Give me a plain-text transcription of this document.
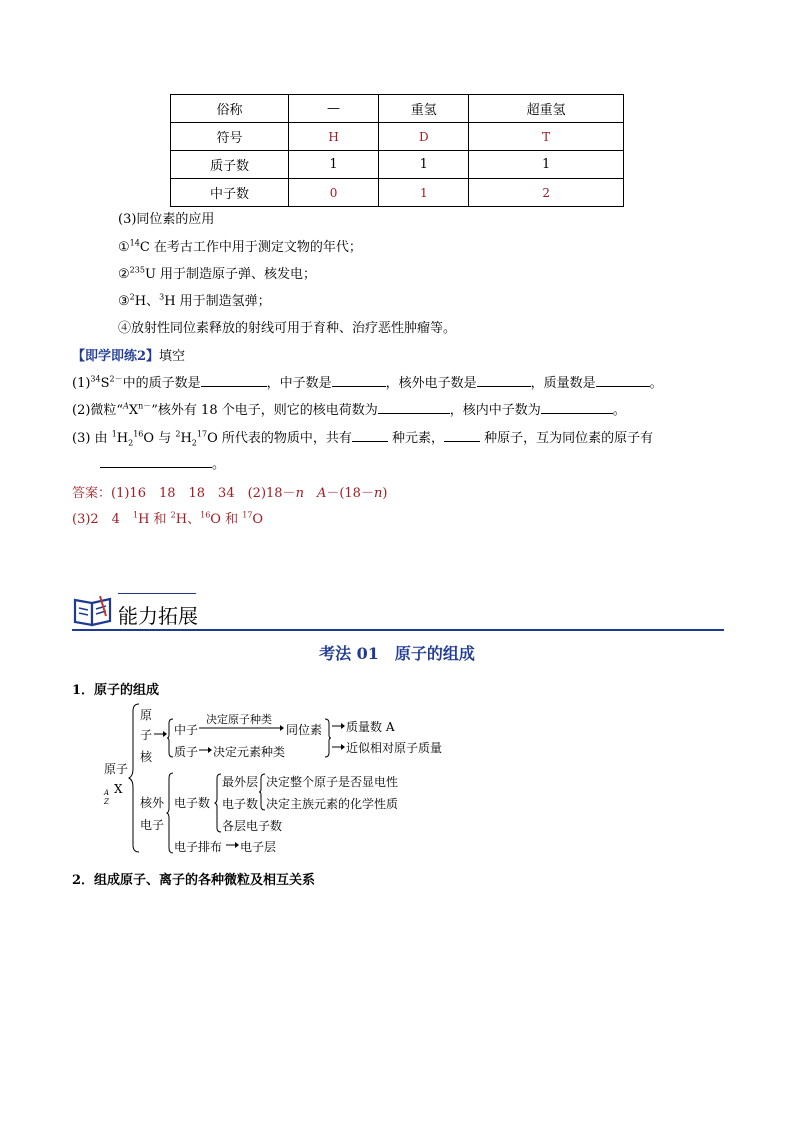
俗称	—	重氢	超重氢
符号	H	D	T
质子数	1	1	1
中子数	0	1	2
(3)同位素的应用
①$^{14}$C 在考古工作中用于测定文物的年代；
②$^{235}$U 用于制造原子弹、核发电；
③$^2$H、$^3$H 用于制造氢弹；
④放射性同位素释放的射线可用于育种、治疗恶性肿瘤等。
【即学即练2】填空
$(1)^{34}S^{2-}$中的质子数是	，中子数是	，核外电子数是	，质量数是	。
(2)微粒“$^AX^{n-}$”核外有 18 个电子，则它的核电荷数为	，核内中子数为	。
(3) 由 $^1H_2^{16}O$ 与 $^2H_2^{17}O$ 所代表的物质中，共有	种元素，	种原子，互为同位素的原子有
。
答案：(1)16　18　18　34　(2)18－n　A－(18－n)
(3)2　4　$^1$H 和 $^2$H、$^{16}$O 和 $^{17}$O
能力拓展
考法 01　原子的组成
1．原子的组成
原子
A
Z
X
原
子
核
中子
决定原子种类
同位素
质子 决定元素种类
质量数 A
近似相对原子质量
核外
电子
电子数
最外层 决定整个原子是否显电性
电子数 决定主族元素的化学性质
各层电子数
电子排布 电子层
2．组成原子、离子的各种微粒及相互关系
